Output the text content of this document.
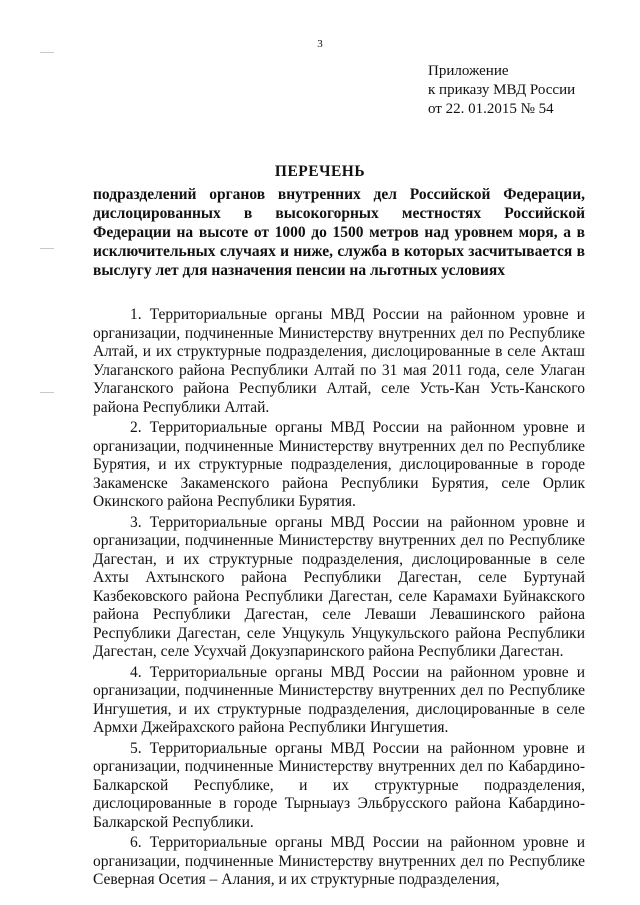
3
Приложение
к приказу МВД России
от 22. 01.2015 № 54
ПЕРЕЧЕНЬ
подразделений органов внутренних дел Российской Федерации, дислоцированных в высокогорных местностях Российской Федерации на высоте от 1000 до 1500 метров над уровнем моря, а в исключительных случаях и ниже, служба в которых засчитывается в выслугу лет для назначения пенсии на льготных условиях

1. Территориальные органы МВД России на районном уровне и организации, подчиненные Министерству внутренних дел по Республике Алтай, и их структурные подразделения, дислоцированные в селе Акташ Улаганского района Республики Алтай по 31 мая 2011 года, селе Улаган Улаганского района Республики Алтай, селе Усть-Кан Усть-Канского района Республики Алтай.

2. Территориальные органы МВД России на районном уровне и организации, подчиненные Министерству внутренних дел по Республике Бурятия, и их структурные подразделения, дислоцированные в городе Закаменске Закаменского района Республики Бурятия, селе Орлик Окинского района Республики Бурятия.

3. Территориальные органы МВД России на районном уровне и организации, подчиненные Министерству внутренних дел по Республике Дагестан, и их структурные подразделения, дислоцированные в селе Ахты Ахтынского района Республики Дагестан, селе Буртунай Казбековского района Республики Дагестан, селе Карамахи Буйнакского района Республики Дагестан, селе Леваши Левашинского района Республики Дагестан, селе Унцукуль Унцукульского района Республики Дагестан, селе Усухчай Докузпаринского района Республики Дагестан.

4. Территориальные органы МВД России на районном уровне и организации, подчиненные Министерству внутренних дел по Республике Ингушетия, и их структурные подразделения, дислоцированные в селе Армхи Джейрахского района Республики Ингушетия.

5. Территориальные органы МВД России на районном уровне и организации, подчиненные Министерству внутренних дел по Кабардино-Балкарской Республике, и их структурные подразделения, дислоцированные в городе Тырныауз Эльбрусского района Кабардино-Балкарской Республики.

6. Территориальные органы МВД России на районном уровне и организации, подчиненные Министерству внутренних дел по Республике Северная Осетия – Алания, и их структурные подразделения,
